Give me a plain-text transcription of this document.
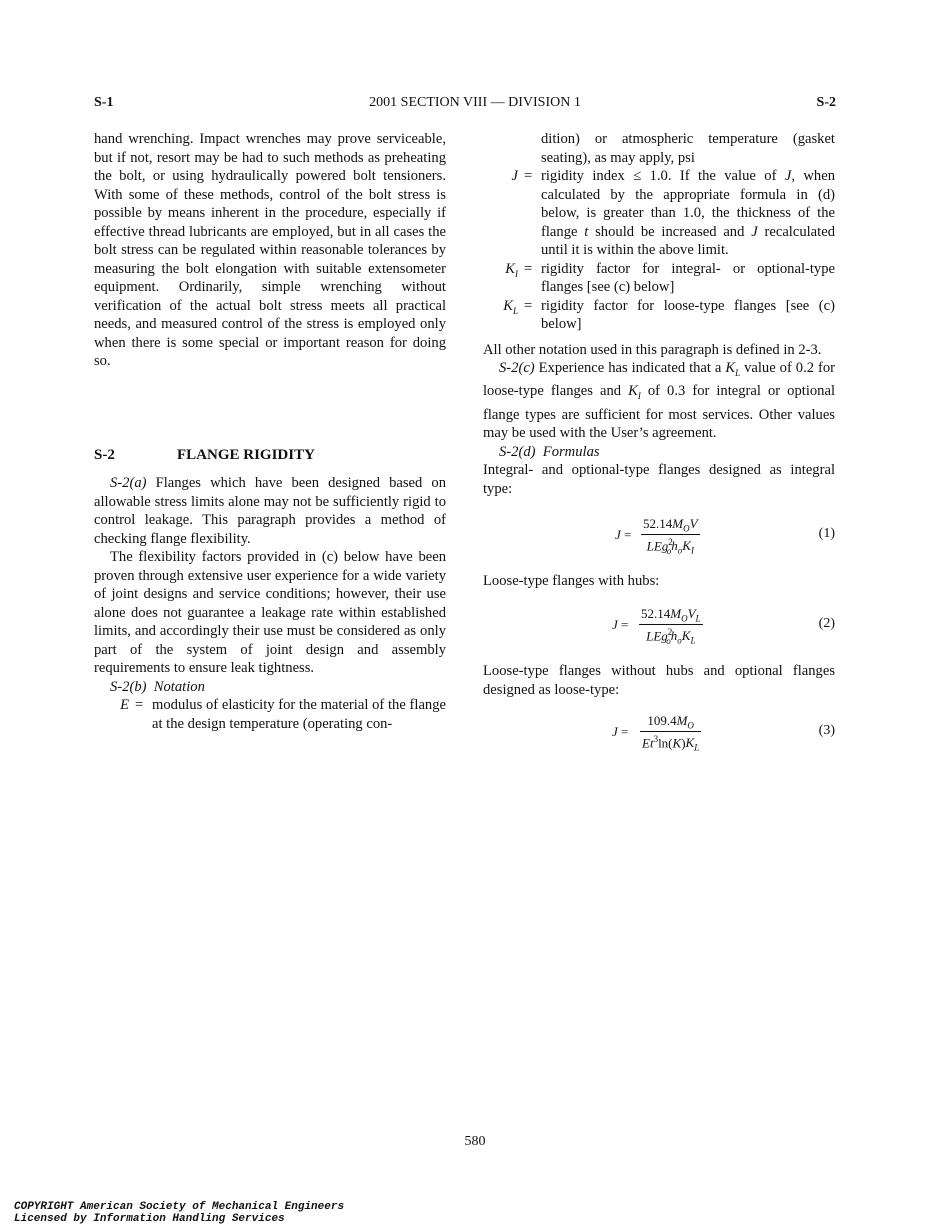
S-1	2001 SECTION VIII — DIVISION 1	S-2

hand wrenching. Impact wrenches may prove serviceable, but if not, resort may be had to such methods as preheating the bolt, or using hydraulically powered bolt tensioners. With some of these methods, control of the bolt stress is possible by means inherent in the procedure, especially if effective thread lubricants are employed, but in all cases the bolt stress can be regulated within reasonable tolerances by measuring the bolt elongation with suitable extensometer equipment. Ordinarily, simple wrenching without verification of the actual bolt stress meets all practical needs, and measured control of the stress is employed only when there is some special or important reason for doing so.

S-2	FLANGE RIGIDITY

S-2(a) Flanges which have been designed based on allowable stress limits alone may not be sufficiently rigid to control leakage. This paragraph provides a method of checking flange flexibility.

The flexibility factors provided in (c) below have been proven through extensive user experience for a wide variety of joint designs and service conditions; however, their use alone does not guarantee a leakage rate within established limits, and accordingly their use must be considered as only part of the system of joint design and assembly requirements to ensure leak tightness.

S-2(b) Notation

E = modulus of elasticity for the material of the flange at the design temperature (operating con-
dition) or atmospheric temperature (gasket seating), as may apply, psi
J = rigidity index ≤ 1.0. If the value of J, when calculated by the appropriate formula in (d) below, is greater than 1.0, the thickness of the flange t should be increased and J recalculated until it is within the above limit.
$K_I$ = rigidity factor for integral- or optional-type flanges [see (c) below]
$K_L$ = rigidity factor for loose-type flanges [see (c) below]

All other notation used in this paragraph is defined in 2-3.

S-2(c) Experience has indicated that a $K_L$ value of 0.2 for loose-type flanges and $K_I$ of 0.3 for integral or optional flange types are sufficient for most services. Other values may be used with the User’s agreement.

S-2(d) Formulas

Integral- and optional-type flanges designed as integral type:

J =
$52.14M_OV$
$LEg^2_oh_oK_I$
(1)

Loose-type flanges with hubs:

J =
$52.14M_OV_L$
$LEg^2_oh_oK_L$
(2)

Loose-type flanges without hubs and optional flanges designed as loose-type:

$J = \frac{109.4M_O}{Et^3\ln(K)K_L}$	(3)
580
COPYRIGHT American Society of Mechanical Engineers
Licensed by Information Handling Services
